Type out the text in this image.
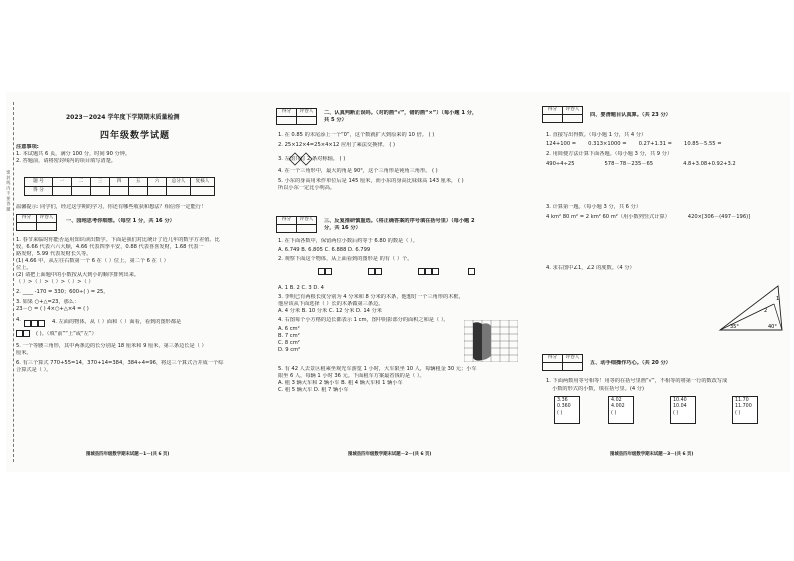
密 封 线 内 不 要 答 题
2023－2024 学年度下学期期末质量检测
四年级数学试题
注意事项:
1. 本试题共 6 页，满分 100 分，时间 90 分钟。
2. 答题前，请将密封线内的项目填写清楚。
题 号	一	二	三	四	五	六	总分人	复核人
得 分								
温馨提示: 同学们，经过这学期的学习，你还有哪些收获和想法？相信你一定能行！
得分	评卷人

一、园地思考你细想。（每空 1 分，共 16 分）
1. 春节来临时你能否运用知识读出数学。下面是我们对比统计了近几年的数字方差值。比
较，6.66 代表六六大顺，4.66 代表四季平安，0.88 代表喜喜发财，1.68 代表一
路发财，5.99 代表发财长久等。
(1) 4.66 中，从左往右数第一个 6 在（ ）位上，第二个 6 在（ ）
位上。
(2) 请把上面题中的小数按从大到小的顺序排列出来。
（ ）>（ ）>（ ）>（ ）>（ ）
2. ____ -170 = 330；600÷( ) = 25。
3. 如果 ○+△=23，那么：
23－○ = ( ) 4×○+△×4 = ( )
4.	4. 左面的物体，从（ ）面和（ ）面看，看到的图形都是
( )。（填“前”“上”或“左”）
5. 一个等腰三角形，其中两条边的长分别是 18 厘米和 9 厘米，第三条边长是（ ）
厘米。
6. 有三个算式 770+55=14，370+14=384，384÷4=96，将这三个算式合并成一个综
合算式是（ ）。
围城县四年级数学期末试题－1－(共 6 页)
得分	评卷人
	二、认真判断正误吗。（对的画“√”，错的画“×”）（每小题 1 分，
共 5 分）
1. 在 0.85 的末尾添上一个“0”，这个数就扩大到原来的 10 倍。 ( )
2. 25×12×4=25×4×12 应用了乘法交换律。 ( )
3. 左图共有 2 条对称轴。 ( )
4. 在一个三角形中，最大的角是 90°，这个三角形是钝角三角形。 ( )
5. 小东的身高用米作单位后是 145 厘米，而小东的身高比妹妹高 143 厘米， ( )
所以小东一定比小明高。
得分	评卷人
	三、反复推研慎重选。（将正确答案的序号填在括号里）（每小题 2
分，共 16 分）
1. 在下面各数中，保留两位小数后约等于 6.80 的数是（ ）。
A. 6.749 B. 6.805 C. 6.888 D. 6.799
2. 观察下面这个物体，从上面看到的图形是 的有（ ）个。
A. 1 B. 2 C. 3 D. 4
3. 李明已有两根长度分别为 4 分米和 8 分米的木条，他想钉一个三角形的木框，
他应该从下面选择（ ）长的木条做第三条边。
A. 4 分米 B. 10 分米 C. 12 分米 D. 14 分米
4. 右图每个小方格的边长都表示 1 cm，图中阴影部分的面积之和是（ ）。
A. 6 cm²
B. 7 cm²
C. 8 cm²
D. 9 cm²
5. 有 42 人去景区租乘坐观光车游览 1 小时，大车限坐 10 人，每辆租金 30 元；小车
限坐 6 人，每辆 1 小时 36 元。下面租车方案最省钱的是（ ）。
A. 租 3 辆大车和 2 辆小车 B. 租 4 辆大车和 1 辆小车
C. 租 5 辆大车 D. 租 7 辆小车
围城县四年级数学期末试题－2－(共 6 页)
得分	评卷人

四、要清题目认真算。（共 23 分）
1. 直接写出得数。（每小题 1 分，共 4 分）
124+100 = 0.313×1000 = 0.27+1.31 = 10.85－5.55 =
2. 用简便方法计算下面各题。（每小题 3 分，共 9 分）
490÷4÷25	578－78－235－65	4.8+3.08+0.92+3.2
3. 计算第一题。（每小题 3 分，共 6 分）
4 km² 80 m² = 2 km² 60 m²（用小数列竖式计算）	420×[306－(497－196)]
4. 求右图中∠1，∠2 的度数。（4 分）
35°	40°
1
2
得分	评卷人

五、动手细操作巧心。（共 20 分）
1. 下面两数用等号相等！用等的在括号里画“√”，不相等的将第一行的数改写成
小数的形式的小数，填在括号里。(4 分)
3.36
0.360
( )
4.02
4.002
( )
10.40
10.04
( )
11.70
11.700
( )
围城县四年级数学期末试题－3－(共 6 页)
